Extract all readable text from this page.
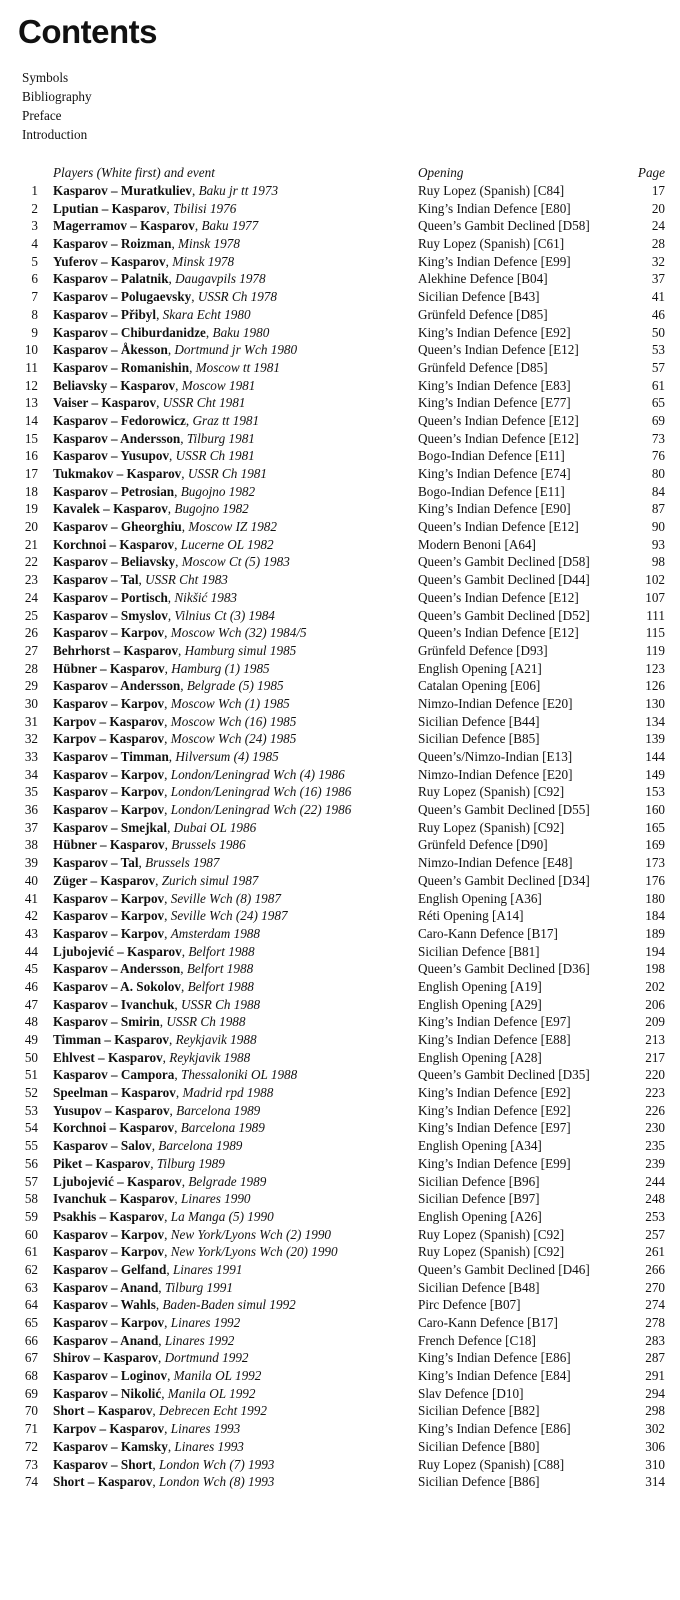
Contents
Symbols
Bibliography
Preface
Introduction
Players (White first) and event	Opening	Page
1 Kasparov – Muratkuliev, Baku jr tt 1973	Ruy Lopez (Spanish) [C84]	17
2 Lputian – Kasparov, Tbilisi 1976	King’s Indian Defence [E80]	20
3 Magerramov – Kasparov, Baku 1977	Queen’s Gambit Declined [D58]	24
4 Kasparov – Roizman, Minsk 1978	Ruy Lopez (Spanish) [C61]	28
5 Yuferov – Kasparov, Minsk 1978	King’s Indian Defence [E99]	32
6 Kasparov – Palatnik, Daugavpils 1978	Alekhine Defence [B04]	37
7 Kasparov – Polugaevsky, USSR Ch 1978	Sicilian Defence [B43]	41
8 Kasparov – Přibyl, Skara Echt 1980	Grünfeld Defence [D85]	46
9 Kasparov – Chiburdanidze, Baku 1980	King’s Indian Defence [E92]	50
10 Kasparov – Åkesson, Dortmund jr Wch 1980	Queen’s Indian Defence [E12]	53
11 Kasparov – Romanishin, Moscow tt 1981	Grünfeld Defence [D85]	57
12 Beliavsky – Kasparov, Moscow 1981	King’s Indian Defence [E83]	61
13 Vaiser – Kasparov, USSR Cht 1981	King’s Indian Defence [E77]	65
14 Kasparov – Fedorowicz, Graz tt 1981	Queen’s Indian Defence [E12]	69
15 Kasparov – Andersson, Tilburg 1981	Queen’s Indian Defence [E12]	73
16 Kasparov – Yusupov, USSR Ch 1981	Bogo-Indian Defence [E11]	76
17 Tukmakov – Kasparov, USSR Ch 1981	King’s Indian Defence [E74]	80
18 Kasparov – Petrosian, Bugojno 1982	Bogo-Indian Defence [E11]	84
19 Kavalek – Kasparov, Bugojno 1982	King’s Indian Defence [E90]	87
20 Kasparov – Gheorghiu, Moscow IZ 1982	Queen’s Indian Defence [E12]	90
21 Korchnoi – Kasparov, Lucerne OL 1982	Modern Benoni [A64]	93
22 Kasparov – Beliavsky, Moscow Ct (5) 1983	Queen’s Gambit Declined [D58]	98
23 Kasparov – Tal, USSR Cht 1983	Queen’s Gambit Declined [D44]	102
24 Kasparov – Portisch, Nikšić 1983	Queen’s Indian Defence [E12]	107
25 Kasparov – Smyslov, Vilnius Ct (3) 1984	Queen’s Gambit Declined [D52]	111
26 Kasparov – Karpov, Moscow Wch (32) 1984/5	Queen’s Indian Defence [E12]	115
27 Behrhorst – Kasparov, Hamburg simul 1985	Grünfeld Defence [D93]	119
28 Hübner – Kasparov, Hamburg (1) 1985	English Opening [A21]	123
29 Kasparov – Andersson, Belgrade (5) 1985	Catalan Opening [E06]	126
30 Kasparov – Karpov, Moscow Wch (1) 1985	Nimzo-Indian Defence [E20]	130
31 Karpov – Kasparov, Moscow Wch (16) 1985	Sicilian Defence [B44]	134
32 Karpov – Kasparov, Moscow Wch (24) 1985	Sicilian Defence [B85]	139
33 Kasparov – Timman, Hilversum (4) 1985	Queen’s/Nimzo-Indian [E13]	144
34 Kasparov – Karpov, London/Leningrad Wch (4) 1986	Nimzo-Indian Defence [E20]	149
35 Kasparov – Karpov, London/Leningrad Wch (16) 1986	Ruy Lopez (Spanish) [C92]	153
36 Kasparov – Karpov, London/Leningrad Wch (22) 1986	Queen’s Gambit Declined [D55]	160
37 Kasparov – Smejkal, Dubai OL 1986	Ruy Lopez (Spanish) [C92]	165
38 Hübner – Kasparov, Brussels 1986	Grünfeld Defence [D90]	169
39 Kasparov – Tal, Brussels 1987	Nimzo-Indian Defence [E48]	173
40 Züger – Kasparov, Zurich simul 1987	Queen’s Gambit Declined [D34]	176
41 Kasparov – Karpov, Seville Wch (8) 1987	English Opening [A36]	180
42 Kasparov – Karpov, Seville Wch (24) 1987	Réti Opening [A14]	184
43 Kasparov – Karpov, Amsterdam 1988	Caro-Kann Defence [B17]	189
44 Ljubojević – Kasparov, Belfort 1988	Sicilian Defence [B81]	194
45 Kasparov – Andersson, Belfort 1988	Queen’s Gambit Declined [D36]	198
46 Kasparov – A. Sokolov, Belfort 1988	English Opening [A19]	202
47 Kasparov – Ivanchuk, USSR Ch 1988	English Opening [A29]	206
48 Kasparov – Smirin, USSR Ch 1988	King’s Indian Defence [E97]	209
49 Timman – Kasparov, Reykjavik 1988	King’s Indian Defence [E88]	213
50 Ehlvest – Kasparov, Reykjavik 1988	English Opening [A28]	217
51 Kasparov – Campora, Thessaloniki OL 1988	Queen’s Gambit Declined [D35]	220
52 Speelman – Kasparov, Madrid rpd 1988	King’s Indian Defence [E92]	223
53 Yusupov – Kasparov, Barcelona 1989	King’s Indian Defence [E92]	226
54 Korchnoi – Kasparov, Barcelona 1989	King’s Indian Defence [E97]	230
55 Kasparov – Salov, Barcelona 1989	English Opening [A34]	235
56 Piket – Kasparov, Tilburg 1989	King’s Indian Defence [E99]	239
57 Ljubojević – Kasparov, Belgrade 1989	Sicilian Defence [B96]	244
58 Ivanchuk – Kasparov, Linares 1990	Sicilian Defence [B97]	248
59 Psakhis – Kasparov, La Manga (5) 1990	English Opening [A26]	253
60 Kasparov – Karpov, New York/Lyons Wch (2) 1990	Ruy Lopez (Spanish) [C92]	257
61 Kasparov – Karpov, New York/Lyons Wch (20) 1990	Ruy Lopez (Spanish) [C92]	261
62 Kasparov – Gelfand, Linares 1991	Queen’s Gambit Declined [D46]	266
63 Kasparov – Anand, Tilburg 1991	Sicilian Defence [B48]	270
64 Kasparov – Wahls, Baden-Baden simul 1992	Pirc Defence [B07]	274
65 Kasparov – Karpov, Linares 1992	Caro-Kann Defence [B17]	278
66 Kasparov – Anand, Linares 1992	French Defence [C18]	283
67 Shirov – Kasparov, Dortmund 1992	King’s Indian Defence [E86]	287
68 Kasparov – Loginov, Manila OL 1992	King’s Indian Defence [E84]	291
69 Kasparov – Nikolić, Manila OL 1992	Slav Defence [D10]	294
70 Short – Kasparov, Debrecen Echt 1992	Sicilian Defence [B82]	298
71 Karpov – Kasparov, Linares 1993	King’s Indian Defence [E86]	302
72 Kasparov – Kamsky, Linares 1993	Sicilian Defence [B80]	306
73 Kasparov – Short, London Wch (7) 1993	Ruy Lopez (Spanish) [C88]	310
74 Short – Kasparov, London Wch (8) 1993	Sicilian Defence [B86]	314
